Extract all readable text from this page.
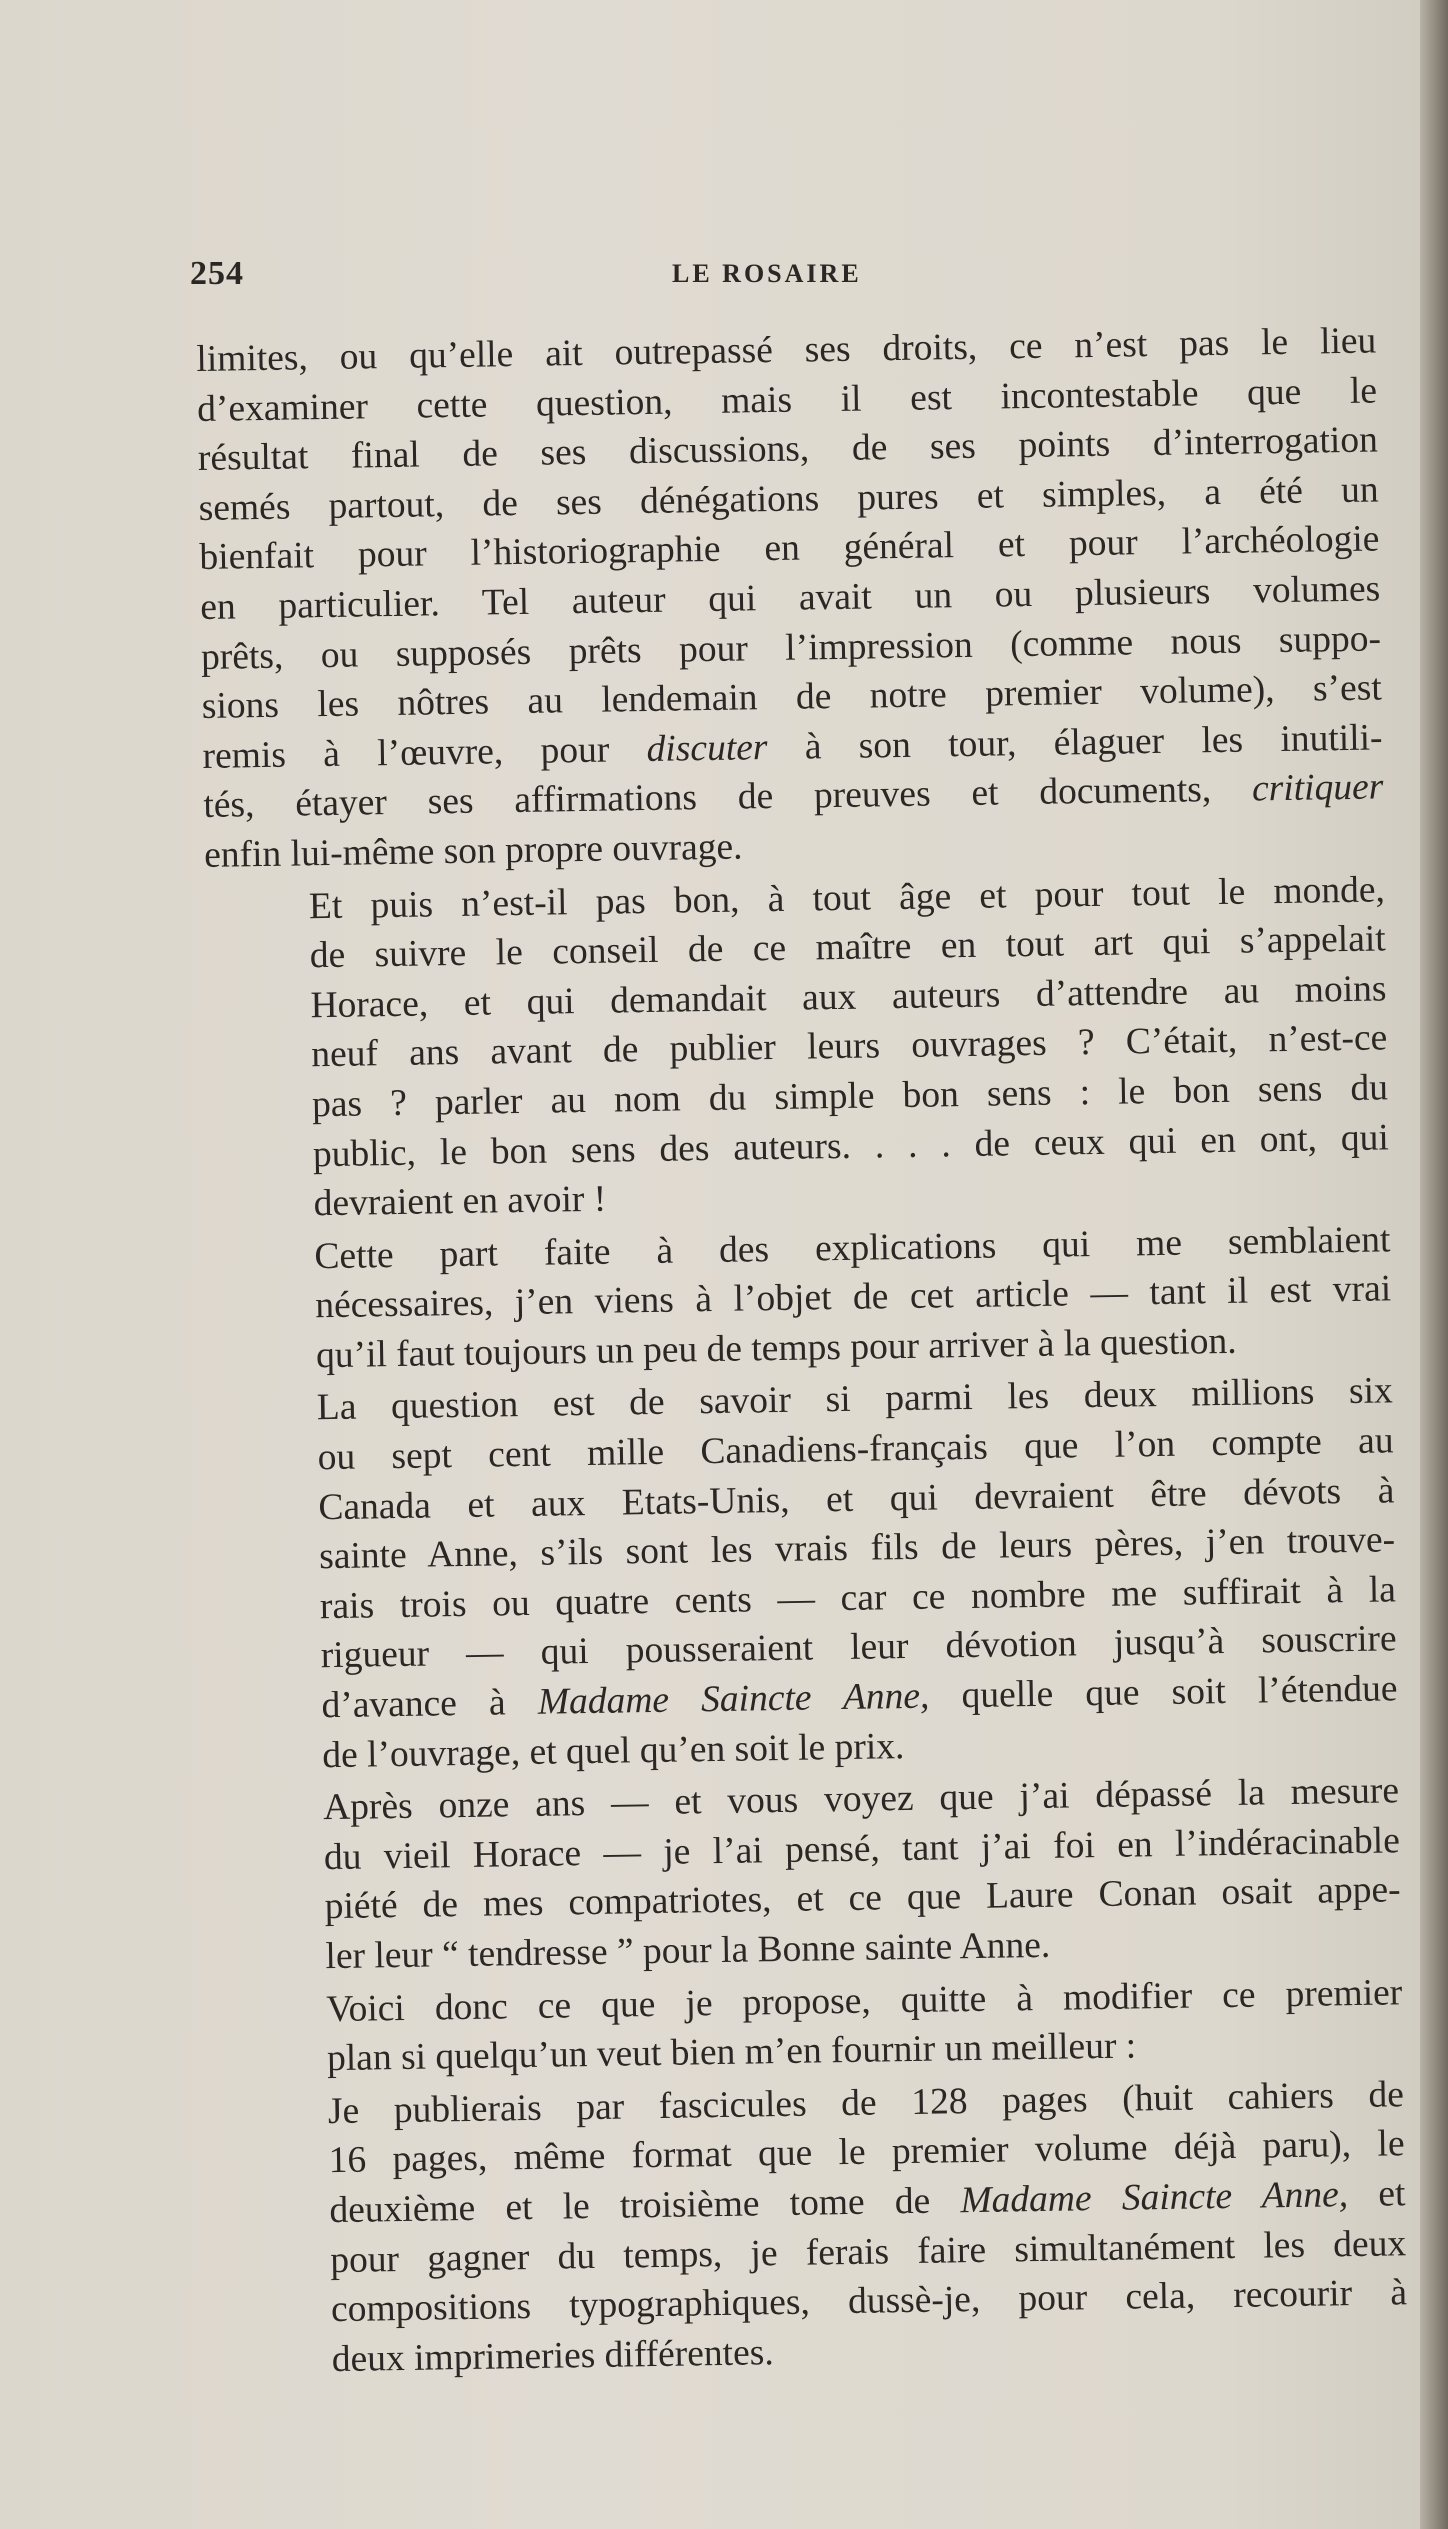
254	LE ROSAIRE
limites, ou qu’elle ait outrepassé ses droits, ce n’est pas le lieu
d’examiner cette question, mais il est incontestable que le
résultat final de ses discussions, de ses points d’interrogation
semés partout, de ses dénégations pures et simples, a été un
bienfait pour l’historiographie en général et pour l’archéologie
en particulier. Tel auteur qui avait un ou plusieurs volumes
prêts, ou supposés prêts pour l’impression (comme nous suppo-
sions les nôtres au lendemain de notre premier volume), s’est
remis à l’œuvre, pour discuter à son tour, élaguer les inutili-
tés, étayer ses affirmations de preuves et documents, critiquer
enfin lui-même son propre ouvrage.
Et puis n’est-il pas bon, à tout âge et pour tout le monde,
de suivre le conseil de ce maître en tout art qui s’appelait
Horace, et qui demandait aux auteurs d’attendre au moins
neuf ans avant de publier leurs ouvrages ? C’était, n’est-ce
pas ? parler au nom du simple bon sens : le bon sens du
public, le bon sens des auteurs. . . . de ceux qui en ont, qui
devraient en avoir !
Cette part faite à des explications qui me semblaient
nécessaires, j’en viens à l’objet de cet article — tant il est vrai
qu’il faut toujours un peu de temps pour arriver à la question.
La question est de savoir si parmi les deux millions six
ou sept cent mille Canadiens-français que l’on compte au
Canada et aux Etats-Unis, et qui devraient être dévots à
sainte Anne, s’ils sont les vrais fils de leurs pères, j’en trouve-
rais trois ou quatre cents — car ce nombre me suffirait à la
rigueur — qui pousseraient leur dévotion jusqu’à souscrire
d’avance à Madame Saincte Anne, quelle que soit l’étendue
de l’ouvrage, et quel qu’en soit le prix.
Après onze ans — et vous voyez que j’ai dépassé la mesure
du vieil Horace — je l’ai pensé, tant j’ai foi en l’indéracinable
piété de mes compatriotes, et ce que Laure Conan osait appe-
ler leur “ tendresse ” pour la Bonne sainte Anne.
Voici donc ce que je propose, quitte à modifier ce premier
plan si quelqu’un veut bien m’en fournir un meilleur :
Je publierais par fascicules de 128 pages (huit cahiers de
16 pages, même format que le premier volume déjà paru), le
deuxième et le troisième tome de Madame Saincte Anne, et
pour gagner du temps, je ferais faire simultanément les deux
compositions typographiques, dussè-je, pour cela, recourir à
deux imprimeries différentes.
